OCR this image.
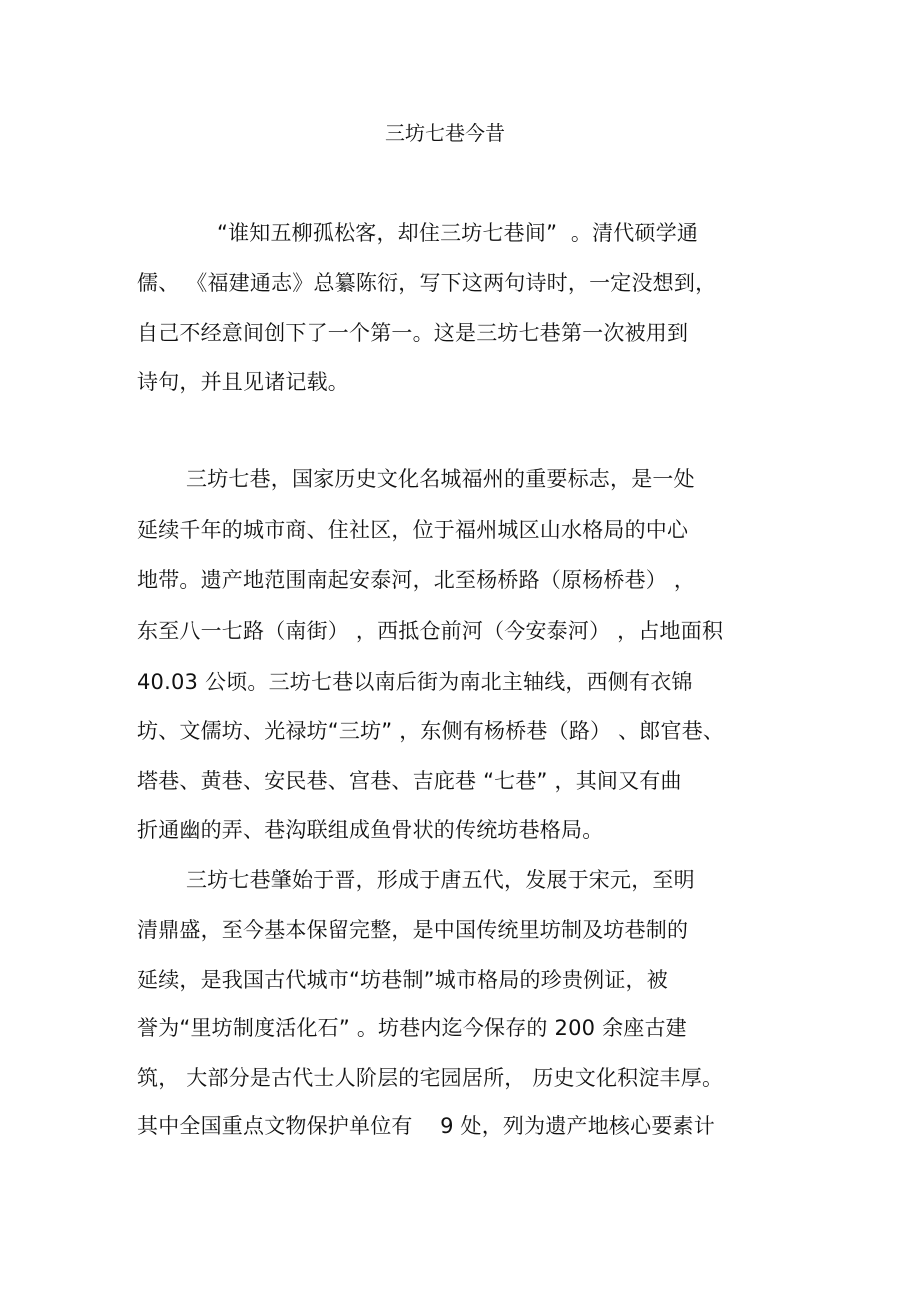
三坊七巷今昔
“谁知五柳孤松客，却住三坊七巷间”  。清代硕学通
儒、 《福建通志》总纂陈衍，写下这两句诗时，一定没想到，
自己不经意间创下了一个第一。这是三坊七巷第一次被用到
诗句，并且见诸记载。
三坊七巷，国家历史文化名城福州的重要标志，是一处
延续千年的城市商、住社区，位于福州城区山水格局的中心
地带。遗产地范围南起安泰河，北至杨桥路（原杨桥巷） ，
东至八一七路（南街） ，西抵仓前河（今安泰河） ，占地面积
40.03 公顷。三坊七巷以南后街为南北主轴线，西侧有衣锦
坊、文儒坊、光禄坊“三坊” ，东侧有杨桥巷（路） 、郎官巷、
塔巷、黄巷、安民巷、宫巷、吉庇巷 “七巷” ，其间又有曲
折通幽的弄、巷沟联组成鱼骨状的传统坊巷格局。
三坊七巷肇始于晋，形成于唐五代，发展于宋元，至明
清鼎盛，至今基本保留完整，是中国传统里坊制及坊巷制的
延续，是我国古代城市“坊巷制”城市格局的珍贵例证，被
誉为“里坊制度活化石” 。坊巷内迄今保存的 200 余座古建
筑， 大部分是古代士人阶层的宅园居所， 历史文化积淀丰厚。
其中全国重点文物保护单位有    9 处，列为遗产地核心要素计
